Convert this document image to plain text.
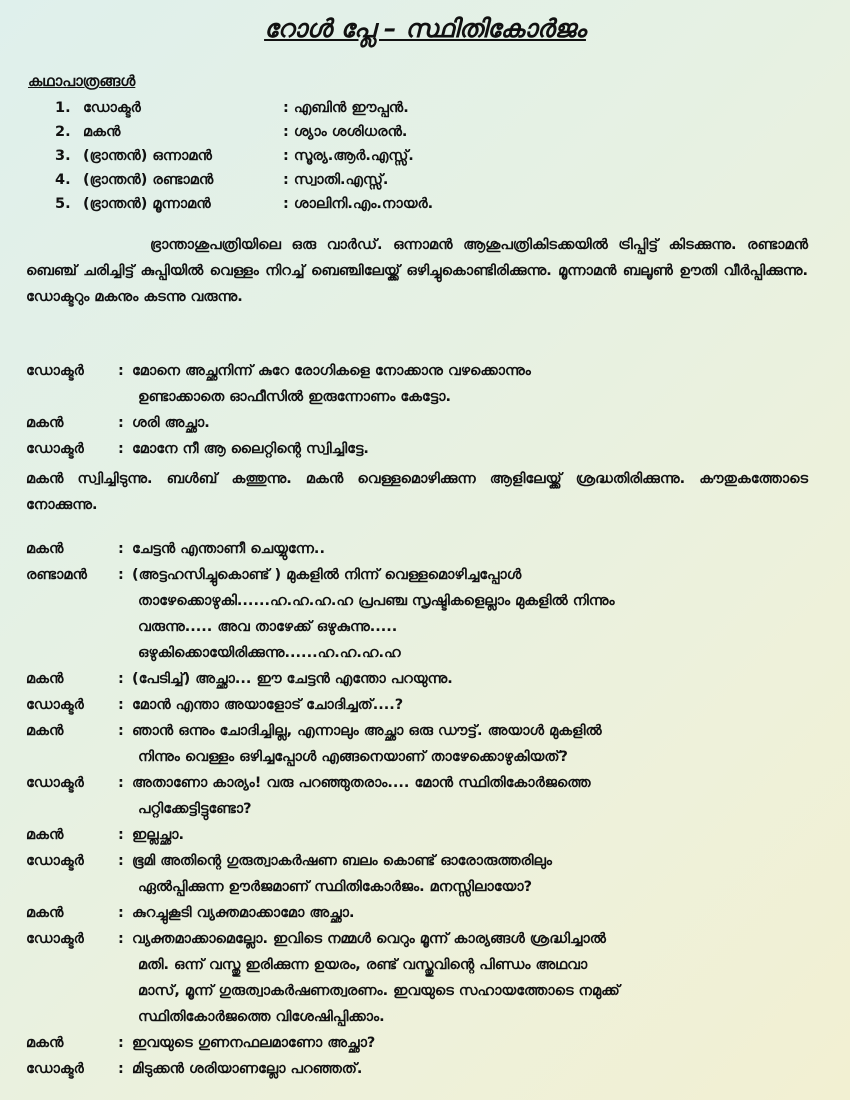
റോൾ പ്ലേ – സ്ഥിതികോർജം
കഥാപാത്രങ്ങൾ
1. ഡോക്ടർ	: എബിൻ ഈപ്പൻ.
2. മകൻ	: ശ്യാം ശശിധരൻ.
3. (ഭ്രാന്തൻ) ഒന്നാമൻ	: സൂര്യ.ആർ.എസ്സ്.
4. (ഭ്രാന്തൻ) രണ്ടാമൻ	: സ്വാതി.എസ്സ്.
5. (ഭ്രാന്തൻ) മൂന്നാമൻ	: ശാലിനി.എം.നായർ.
ഭ്രാന്താശുപത്രിയിലെ ഒരു വാർഡ്. ഒന്നാമൻ ആശുപത്രികിടക്കയിൽ ട്രിപ്പിട്ട് കിടക്കുന്നു. രണ്ടാമൻ ബെഞ്ച് ചരിച്ചിട്ട് കുപ്പിയിൽ വെള്ളം നിറച്ച് ബെഞ്ചിലേയ്ക്ക് ഒഴിച്ചുകൊണ്ടിരിക്കുന്നു. മൂന്നാമൻ ബലൂൺ ഊതി വീർപ്പിക്കുന്നു. ഡോക്ടറും മകനും കടന്നു വരുന്നു.
ഡോക്ടർ	: മോനെ അച്ഛനിന്ന് കുറേ രോഗികളെ നോക്കാനു വഴക്കൊന്നും
ഉണ്ടാക്കാതെ ഓഫീസിൽ ഇരുന്നോണം കേട്ടോ.
മകൻ	: ശരി അച്ഛാ.
ഡോക്ടർ	: മോനേ നീ ആ ലൈറ്റിന്റെ സ്വിച്ചിട്ടേ.
മകൻ സ്വിച്ചിടുന്നു. ബൾബ് കത്തുന്നു. മകൻ വെള്ളമൊഴിക്കുന്ന ആളിലേയ്ക്ക് ശ്രദ്ധതിരിക്കുന്നു. കൗതുകത്തോടെ നോക്കുന്നു.
മകൻ	: ചേട്ടൻ എന്താണീ ചെയ്യുന്നേ..
രണ്ടാമൻ	: (അട്ടഹസിച്ചുകൊണ്ട് ) മുകളിൽ നിന്ന് വെള്ളമൊഴിച്ചപ്പോൾ
താഴേക്കൊഴുകി......ഹ.ഹ.ഹ.ഹ പ്രപഞ്ച സൃഷ്ടികളെല്ലാം മുകളിൽ നിന്നും
വരുന്നു..... അവ താഴേക്ക് ഒഴുകുന്നു.....
ഒഴുകിക്കൊയേിരിക്കുന്നു......ഹ.ഹ.ഹ.ഹ
മകൻ	: (പേടിച്ച്) അച്ഛാ... ഈ ചേട്ടൻ എന്തോ പറയുന്നു.
ഡോക്ടർ	: മോൻ എന്താ അയാളോട് ചോദിച്ചത്....?
മകൻ	: ഞാൻ ഒന്നും ചോദിച്ചില്ല, എന്നാലും അച്ഛാ ഒരു ഡൗട്ട്. അയാൾ മുകളിൽ
നിന്നും വെള്ളം ഒഴിച്ചപ്പോൾ എങ്ങനെയാണ് താഴേക്കൊഴുകിയത്?
ഡോക്ടർ	: അതാണോ കാര്യം! വരു പറഞ്ഞുതരാം.... മോൻ സ്ഥിതികോർജത്തെ
പറ്റിക്കേട്ടിട്ടുണ്ടോ?
മകൻ	: ഇല്ലച്ഛാ.
ഡോക്ടർ	: ഭൂമി അതിന്റെ ഗുരുത്വാകർഷണ ബലം കൊണ്ട് ഓരോരുത്തരിലും
ഏൽപ്പിക്കുന്ന ഊർജമാണ് സ്ഥിതികോർജം. മനസ്സിലായോ?
മകൻ	: കുറച്ചുകൂടി വ്യക്തമാക്കാമോ അച്ഛാ.
ഡോക്ടർ	: വ്യക്തമാക്കാമെല്ലോ. ഇവിടെ നമ്മൾ വെറും മൂന്ന് കാര്യങ്ങൾ ശ്രദ്ധിച്ചാൽ
മതി. ഒന്ന് വസ്തു ഇരിക്കുന്ന ഉയരം, രണ്ട് വസ്തുവിന്റെ പിണ്ഡം അഥവാ
മാസ്, മൂന്ന് ഗുരുത്വാകർഷണത്വരണം. ഇവയുടെ സഹായത്തോടെ നമുക്ക്
സ്ഥിതികോർജത്തെ വിശേഷിപ്പിക്കാം.
മകൻ	: ഇവയുടെ ഗുണനഫലമാണോ അച്ഛാ?
ഡോക്ടർ	: മിടുക്കൻ ശരിയാണല്ലോ പറഞ്ഞത്.
